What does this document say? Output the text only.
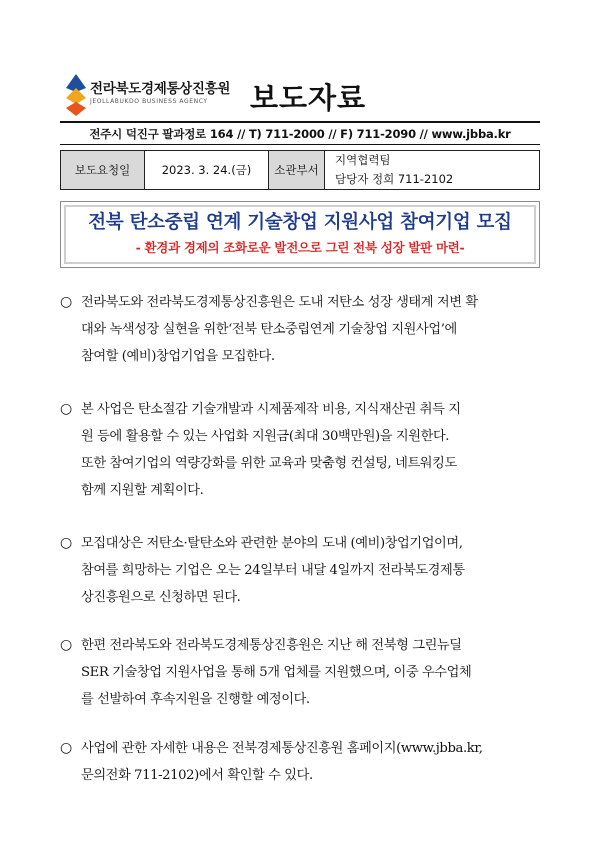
전라북도경제통상진흥원
JEOLLABUKDO BUSINESS AGENCY 보도자료
전주시 덕진구 팔과정로 164 // T) 711-2000 // F) 711-2090 // www.jbba.kr
보도요청일	2023. 3. 24.(금)	소관부서
지역협력팀
담당자 정희 711-2102
전북 탄소중립 연계 기술창업 지원사업 참여기업 모집
- 환경과 경제의 조화로운 발전으로 그린 전북 성장 발판 마련-
○ 전라북도와 전라북도경제통상진흥원은 도내 저탄소 성장 생태계 저변 확
대와 녹색성장 실현을 위한‘전북 탄소중립연계 기술창업 지원사업’에
참여할 (예비)창업기업을 모집한다.
○ 본 사업은 탄소절감 기술개발과 시제품제작 비용, 지식재산권 취득 지
원 등에 활용할 수 있는 사업화 지원금(최대 30백만원)을 지원한다.
또한 참여기업의 역량강화를 위한 교육과 맞춤형 컨설팅, 네트워킹도
함께 지원할 계획이다.
○ 모집대상은 저탄소·탈탄소와 관련한 분야의 도내 (예비)창업기업이며,
참여를 희망하는 기업은 오는 24일부터 내달 4일까지 전라북도경제통
상진흥원으로 신청하면 된다.
○ 한편 전라북도와 전라북도경제통상진흥원은 지난 해 전북형 그린뉴딜
SER 기술창업 지원사업을 통해 5개 업체를 지원했으며, 이중 우수업체
를 선발하여 후속지원을 진행할 예정이다.
○ 사업에 관한 자세한 내용은 전북경제통상진흥원 홈페이지(www.jbba.kr,
문의전화 711-2102)에서 확인할 수 있다.
